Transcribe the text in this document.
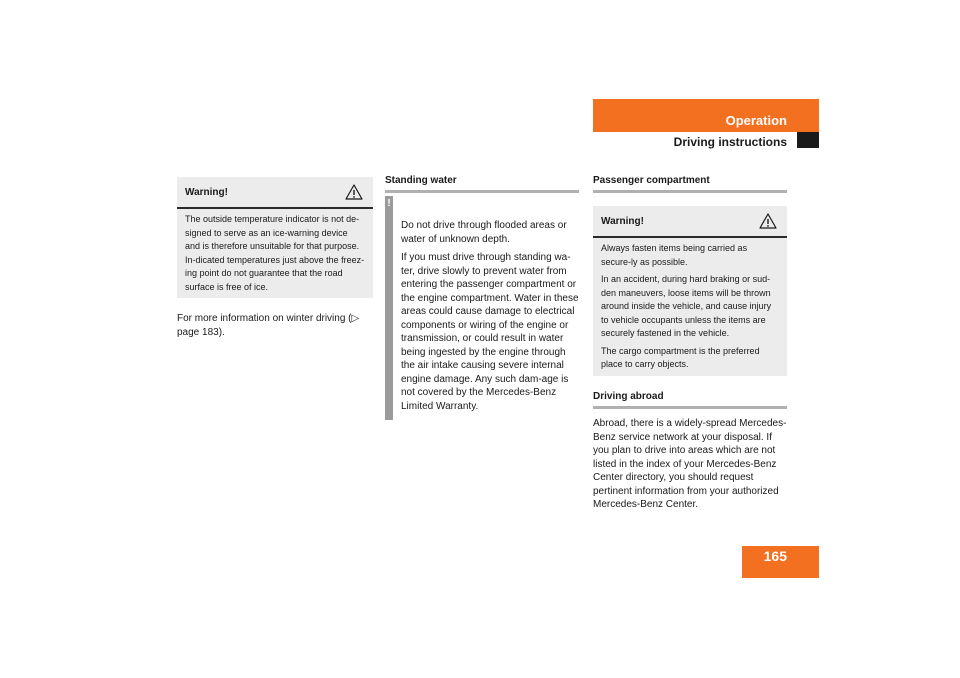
Operation
Driving instructions
Warning!

The outside temperature indicator is not de-signed to serve as an ice-warning device and is therefore unsuitable for that purpose. In-dicated temperatures just above the freez-ing point do not guarantee that the road surface is free of ice.

For more information on winter driving (▷ page 183).
Standing water
!

Do not drive through flooded areas or water of unknown depth.

If you must drive through standing wa-ter, drive slowly to prevent water from entering the passenger compartment or the engine compartment. Water in these areas could cause damage to electrical components or wiring of the engine or transmission, or could result in water being ingested by the engine through the air intake causing severe internal engine damage. Any such dam-age is not covered by the Mercedes-Benz Limited Warranty.

Passenger compartment
Warning!

Always fasten items being carried as secure-ly as possible.

In an accident, during hard braking or sud-den maneuvers, loose items will be thrown around inside the vehicle, and cause injury to vehicle occupants unless the items are securely fastened in the vehicle.

The cargo compartment is the preferred place to carry objects.

Driving abroad
Abroad, there is a widely-spread Mercedes-Benz service network at your disposal. If you plan to drive into areas which are not listed in the index of your Mercedes-Benz Center directory, you should request pertinent information from your authorized Mercedes-Benz Center.
165
